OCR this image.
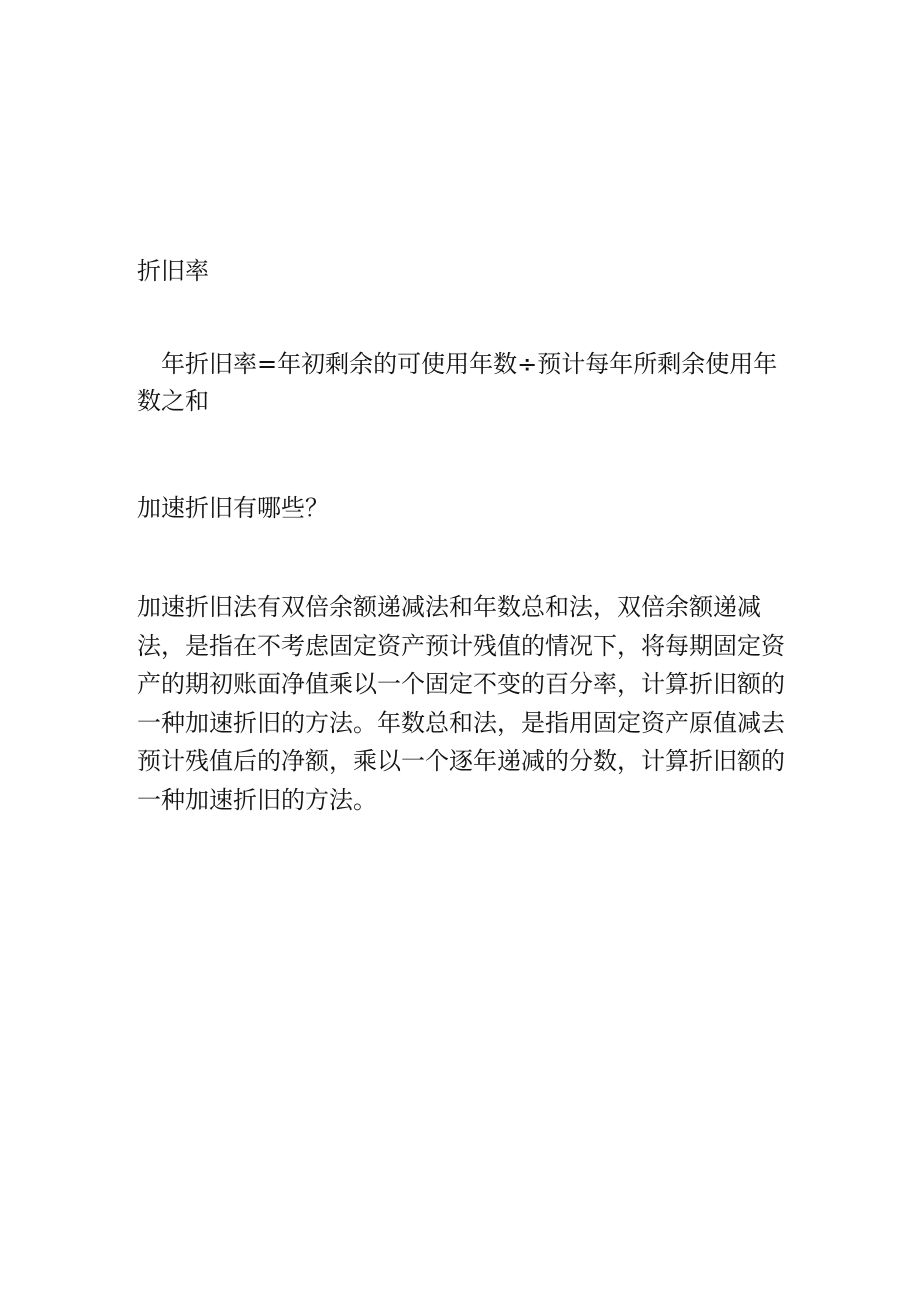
折旧率

年折旧率=年初剩余的可使用年数÷预计每年所剩余使用年数之和

加速折旧有哪些？

加速折旧法有双倍余额递减法和年数总和法，双倍余额递减法，是指在不考虑固定资产预计残值的情况下，将每期固定资产的期初账面净值乘以一个固定不变的百分率，计算折旧额的一种加速折旧的方法。年数总和法，是指用固定资产原值减去预计残值后的净额，乘以一个逐年递减的分数，计算折旧额的一种加速折旧的方法。
